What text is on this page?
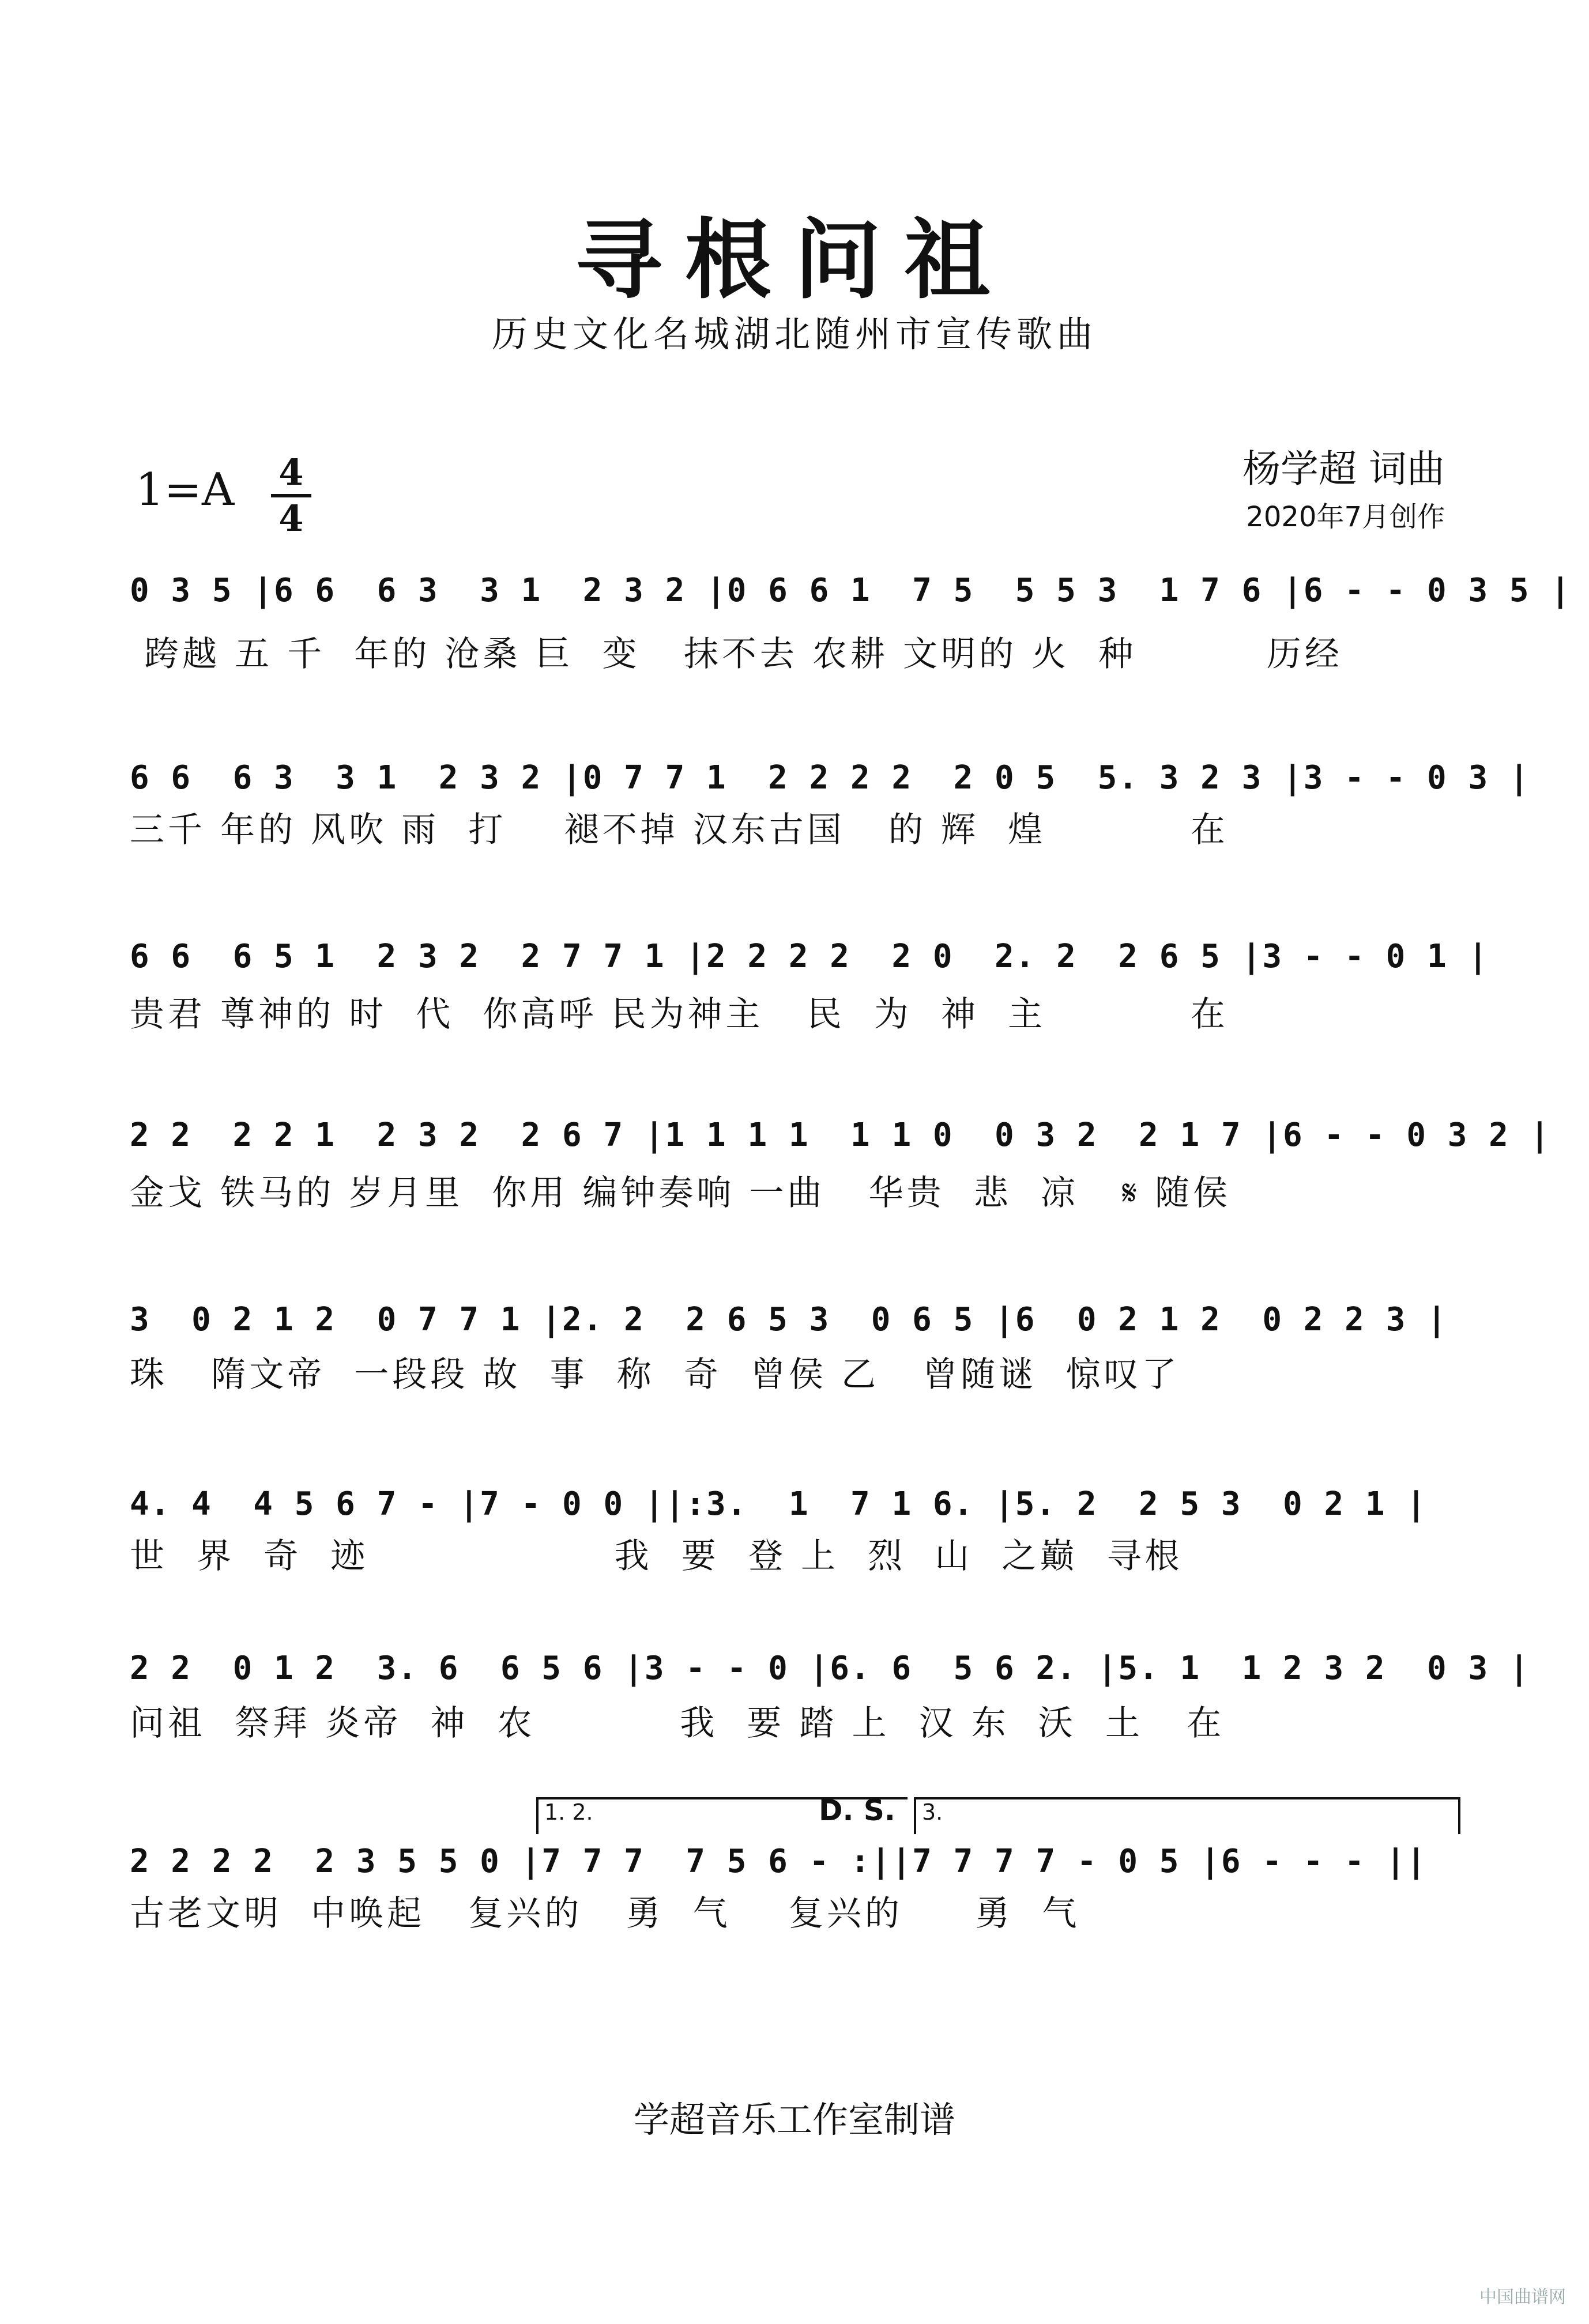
寻根问祖
历史文化名城湖北随州市宣传歌曲
1=A 4
4
杨学超 词曲
2020年7月创作
0 3 5 |6 6  6 3  3 1  2 3 2 |0 6 6 1  7 5  5 5 3  1 7 6 |6 - - 0 3 5 |
跨越 五 千  年的 沧桑 巨  变   抹不去 农耕 文明的 火  种         历经
6 6  6 3  3 1  2 3 2 |0 7 7 1  2 2 2 2  2 0 5  5. 3 2 3 |3 - - 0 3 |
三千 年的 风吹 雨  打    褪不掉 汉东古国   的 辉  煌          在
6 6  6 5 1  2 3 2  2 7 7 1 |2 2 2 2  2 0  2. 2  2 6 5 |3 - - 0 1 |
贵君 尊神的 时  代  你高呼 民为神主   民  为  神  主          在
2 2  2 2 1  2 3 2  2 6 7 |1 1 1 1  1 1 0  0 3 2  2 1 7 |6 - - 0 3 2 |
金戈 铁马的 岁月里  你用 编钟奏响 一曲   华贵  悲  凉   𝄋 随侯
3  0 2 1 2  0 7 7 1 |2. 2  2 6 5 3  0 6 5 |6  0 2 1 2  0 2 2 3 |
珠   隋文帝  一段段 故  事  称  奇  曾侯 乙   曾随谜  惊叹了
4. 4  4 5 6 7 - |7 - 0 0 ||:3.  1  7 1 6. |5. 2  2 5 3  0 2 1 |
世  界  奇  迹                 我  要  登 上  烈  山  之巅  寻根
2 2  0 1 2  3. 6  6 5 6 |3 - - 0 |6. 6  5 6 2. |5. 1  1 2 3 2  0 3 |
问祖  祭拜 炎帝  神  农          我  要 踏 上  汉 东  沃  土   在
1. 2.	D. S.	3.
2 2 2 2  2 3 5 5 0 |7 7 7  7 5 6 - :||7 7 7 7 - 0 5 |6 - - - ||
古老文明  中唤起   复兴的   勇  气    复兴的     勇  气
学超音乐工作室制谱
中国曲谱网
